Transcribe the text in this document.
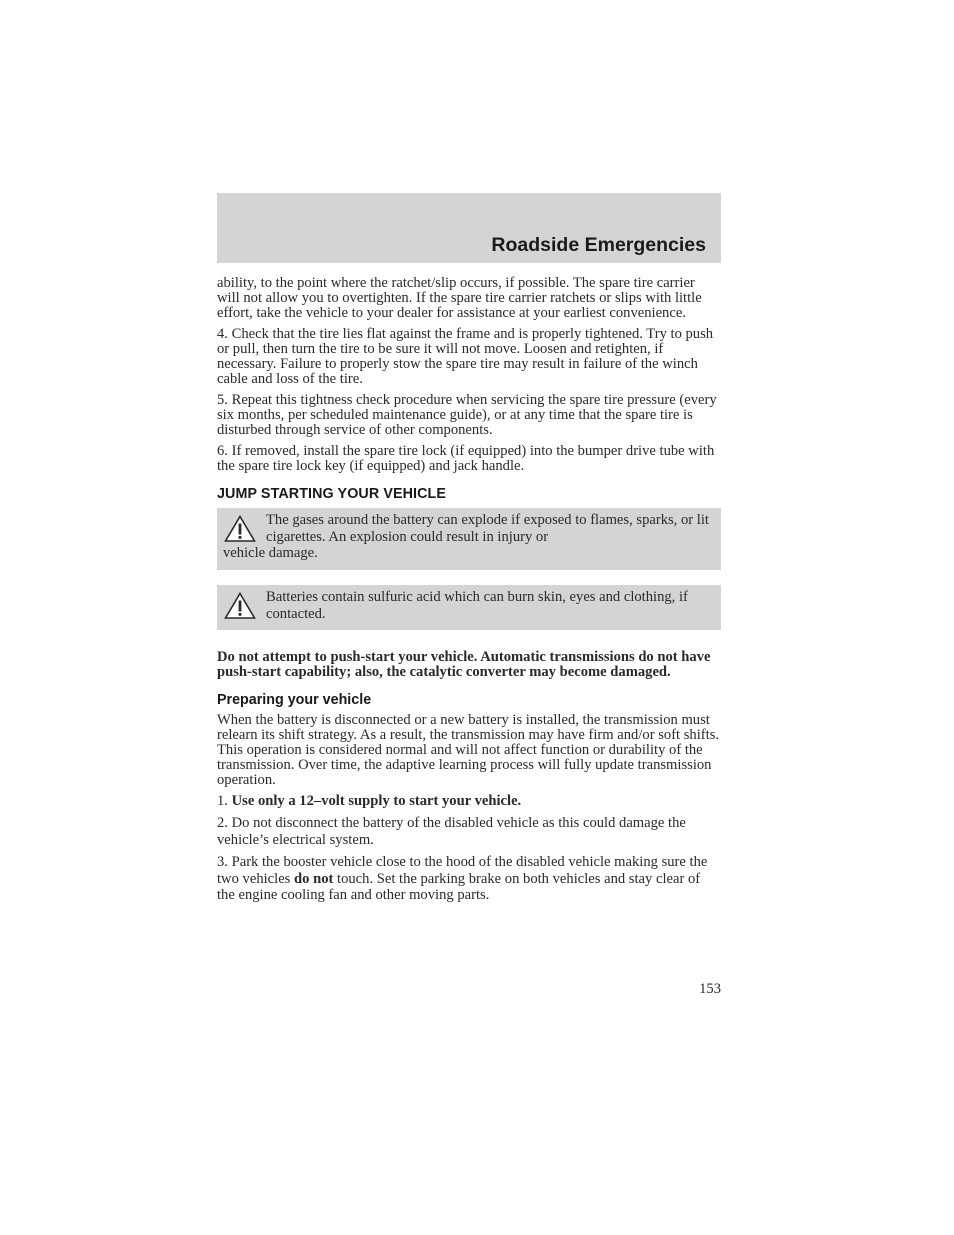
Roadside Emergencies

ability, to the point where the ratchet/slip occurs, if possible. The spare tire carrier will not allow you to overtighten. If the spare tire carrier ratchets or slips with little effort, take the vehicle to your dealer for assistance at your earliest convenience.

4. Check that the tire lies flat against the frame and is properly tightened. Try to push or pull, then turn the tire to be sure it will not move. Loosen and retighten, if necessary. Failure to properly stow the spare tire may result in failure of the winch cable and loss of the tire.

5. Repeat this tightness check procedure when servicing the spare tire pressure (every six months, per scheduled maintenance guide), or at any time that the spare tire is disturbed through service of other components.

6. If removed, install the spare tire lock (if equipped) into the bumper drive tube with the spare tire lock key (if equipped) and jack handle.

JUMP STARTING YOUR VEHICLE
The gases around the battery can explode if exposed to flames, sparks, or lit cigarettes. An explosion could result in injury or
vehicle damage.
Batteries contain sulfuric acid which can burn skin, eyes and clothing, if contacted.

Do not attempt to push-start your vehicle. Automatic transmissions do not have push-start capability; also, the catalytic converter may become damaged.

Preparing your vehicle

When the battery is disconnected or a new battery is installed, the transmission must relearn its shift strategy. As a result, the transmission may have firm and/or soft shifts. This operation is considered normal and will not affect function or durability of the transmission. Over time, the adaptive learning process will fully update transmission operation.

1. Use only a 12–volt supply to start your vehicle.

2. Do not disconnect the battery of the disabled vehicle as this could damage the vehicle’s electrical system.

3. Park the booster vehicle close to the hood of the disabled vehicle making sure the two vehicles do not touch. Set the parking brake on both vehicles and stay clear of the engine cooling fan and other moving parts.

153
